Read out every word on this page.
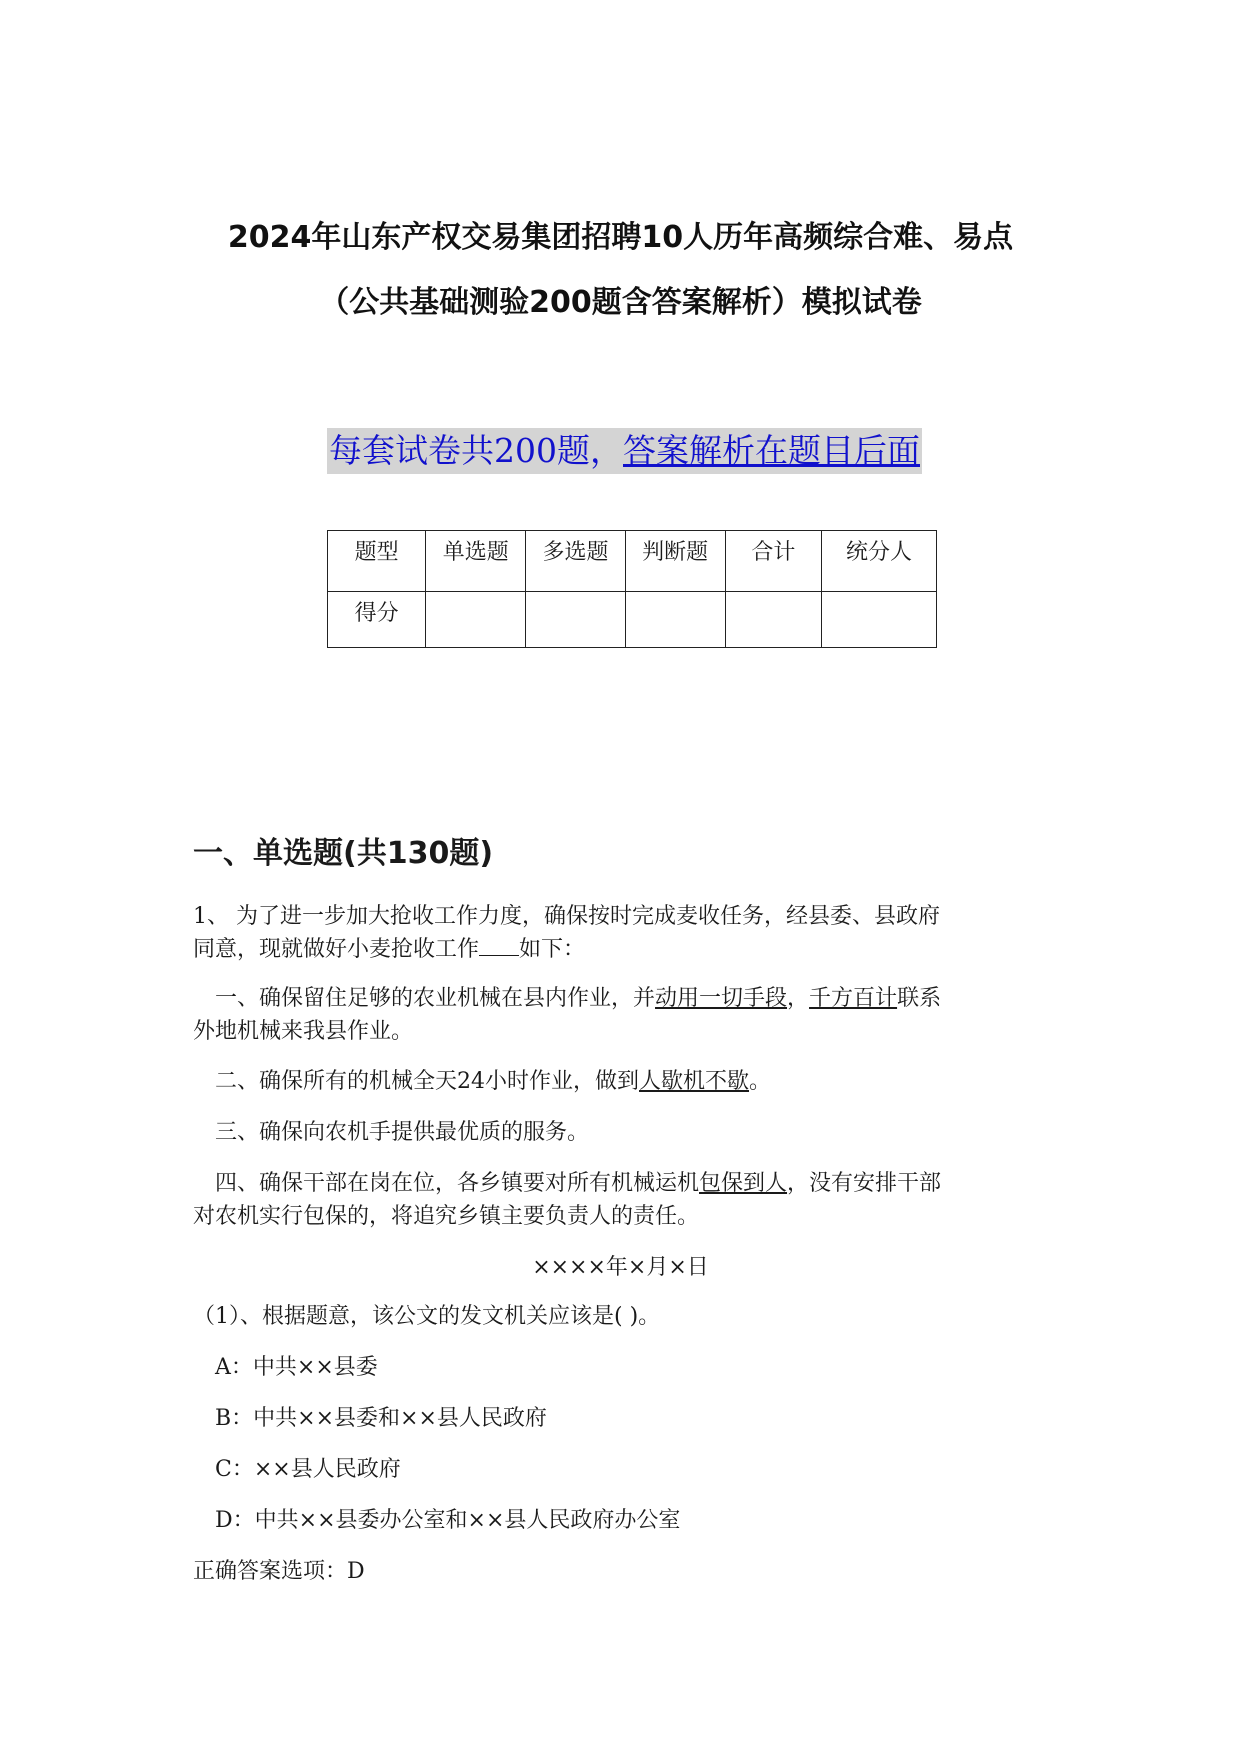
2024年山东产权交易集团招聘10人历年高频综合难、易点
（公共基础测验200题含答案解析）模拟试卷
每套试卷共200题，答案解析在题目后面
题型	单选题	多选题	判断题	合计	统分人
得分					
一、单选题(共130题)
1、 为了进一步加大抢收工作力度，确保按时完成麦收任务，经县委、县政府
同意，现就做好小麦抢收工作 如下：
一、确保留住足够的农业机械在县内作业，并动用一切手段，千方百计联系
外地机械来我县作业。
二、确保所有的机械全天24小时作业，做到人歇机不歇。
三、确保向农机手提供最优质的服务。
四、确保干部在岗在位，各乡镇要对所有机械运机包保到人，没有安排干部
对农机实行包保的，将追究乡镇主要负责人的责任。
××××年×月×日
（1）、根据题意，该公文的发文机关应该是( )。
A：中共××县委
B：中共××县委和××县人民政府
C：××县人民政府
D：中共××县委办公室和××县人民政府办公室
正确答案选项：D
